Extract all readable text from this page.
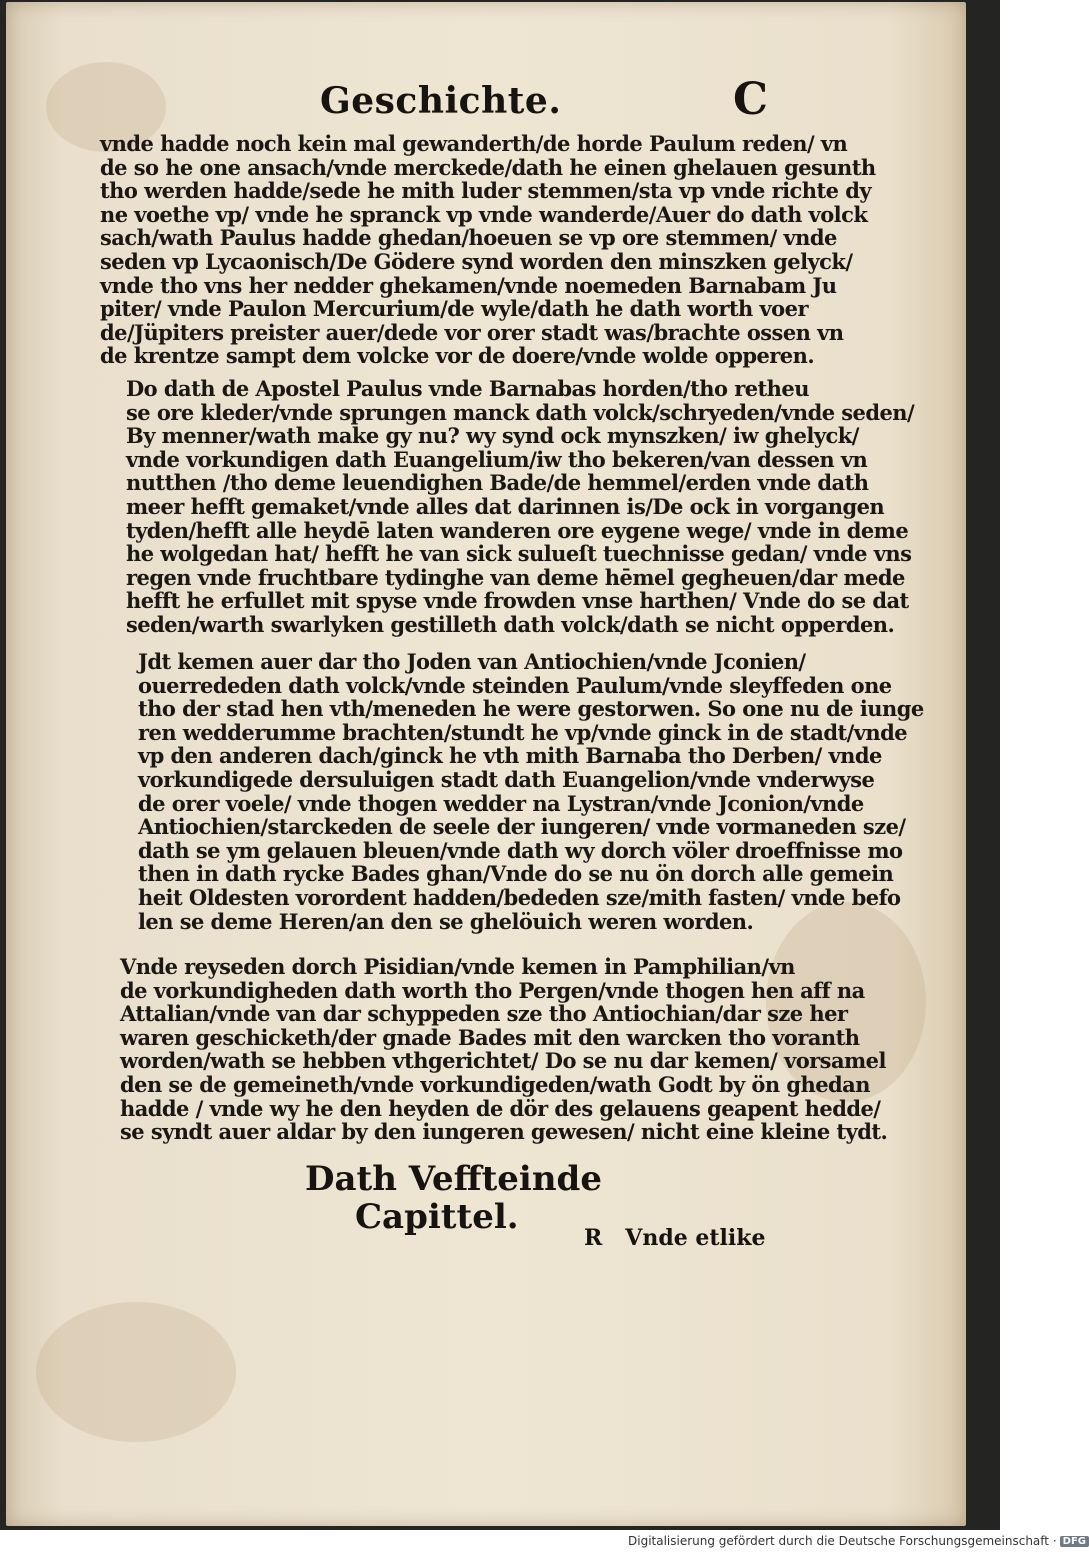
Geschichte.	C
vnde hadde noch kein mal gewanderth/de horde Paulum reden/ vn
de so he one ansach/vnde merckede/dath he einen ghelauen gesunth
tho werden hadde/sede he mith luder stemmen/sta vp vnde richte dy
ne voethe vp/ vnde he spranck vp vnde wanderde/Auer do dath volck
sach/wath Paulus hadde ghedan/hoeuen se vp ore stemmen/ vnde
seden vp Lycaonisch/De Gödere synd worden den minszken gelyck/
vnde tho vns her nedder ghekamen/vnde noemeden Barnabam Ju
piter/ vnde Paulon Mercurium/de wyle/dath he dath worth voer
de/Jüpiters preister auer/dede vor orer stadt was/brachte ossen vn
de krentze sampt dem volcke vor de doere/vnde wolde opperen.
Do dath de Apostel Paulus vnde Barnabas horden/tho retheu
se ore kleder/vnde sprungen manck dath volck/schryeden/vnde seden/
By menner/wath make gy nu? wy synd ock mynszken/ iw ghelyck/
vnde vorkundigen dath Euangelium/iw tho bekeren/van dessen vn
nutthen /tho deme leuendighen Bade/de hemmel/erden vnde dath
meer hefft gemaket/vnde alles dat darinnen is/De ock in vorgangen
tyden/hefft alle heydē laten wanderen ore eygene wege/ vnde in deme
he wolgedan hat/ hefft he van sick sulueſt tuechnisse gedan/ vnde vns
regen vnde fruchtbare tydinghe van deme hēmel gegheuen/dar mede
hefft he erfullet mit spyse vnde frowden vnse harthen/ Vnde do se dat
seden/warth swarlyken gestilleth dath volck/dath se nicht opperden.
Jdt kemen auer dar tho Joden van Antiochien/vnde Jconien/
ouerrededen dath volck/vnde steinden Paulum/vnde sleyffeden one
tho der stad hen vth/meneden he were gestorwen. So one nu de iunge
ren wedderumme brachten/stundt he vp/vnde ginck in de stadt/vnde
vp den anderen dach/ginck he vth mith Barnaba tho Derben/ vnde
vorkundigede dersuluigen stadt dath Euangelion/vnde vnderwyse
de orer voele/ vnde thogen wedder na Lystran/vnde Jconion/vnde
Antiochien/starckeden de seele der iungeren/ vnde vormaneden sze/
dath se ym gelauen bleuen/vnde dath wy dorch völer droeffnisse mo
then in dath rycke Bades ghan/Vnde do se nu ön dorch alle gemein
heit Oldesten vorordent hadden/bededen sze/mith fasten/ vnde befo
len se deme Heren/an den se ghelöuich weren worden.
Vnde reyseden dorch Pisidian/vnde kemen in Pamphilian/vn
de vorkundigheden dath worth tho Pergen/vnde thogen hen aff na
Attalian/vnde van dar schyppeden sze tho Antiochian/dar sze her
waren geschicketh/der gnade Bades mit den warcken tho voranth
worden/wath se hebben vthgerichtet/ Do se nu dar kemen/ vorsamel
den se de gemeineth/vnde vorkundigeden/wath Godt by ön ghedan
hadde / vnde wy he den heyden de dör des gelauens geapent hedde/
se syndt auer aldar by den iungeren gewesen/ nicht eine kleine tydt.
Dath Veffteinde
Capittel.
R   Vnde etlike
Digitalisierung gefördert durch die Deutsche Forschungsgemeinschaft · DFG
